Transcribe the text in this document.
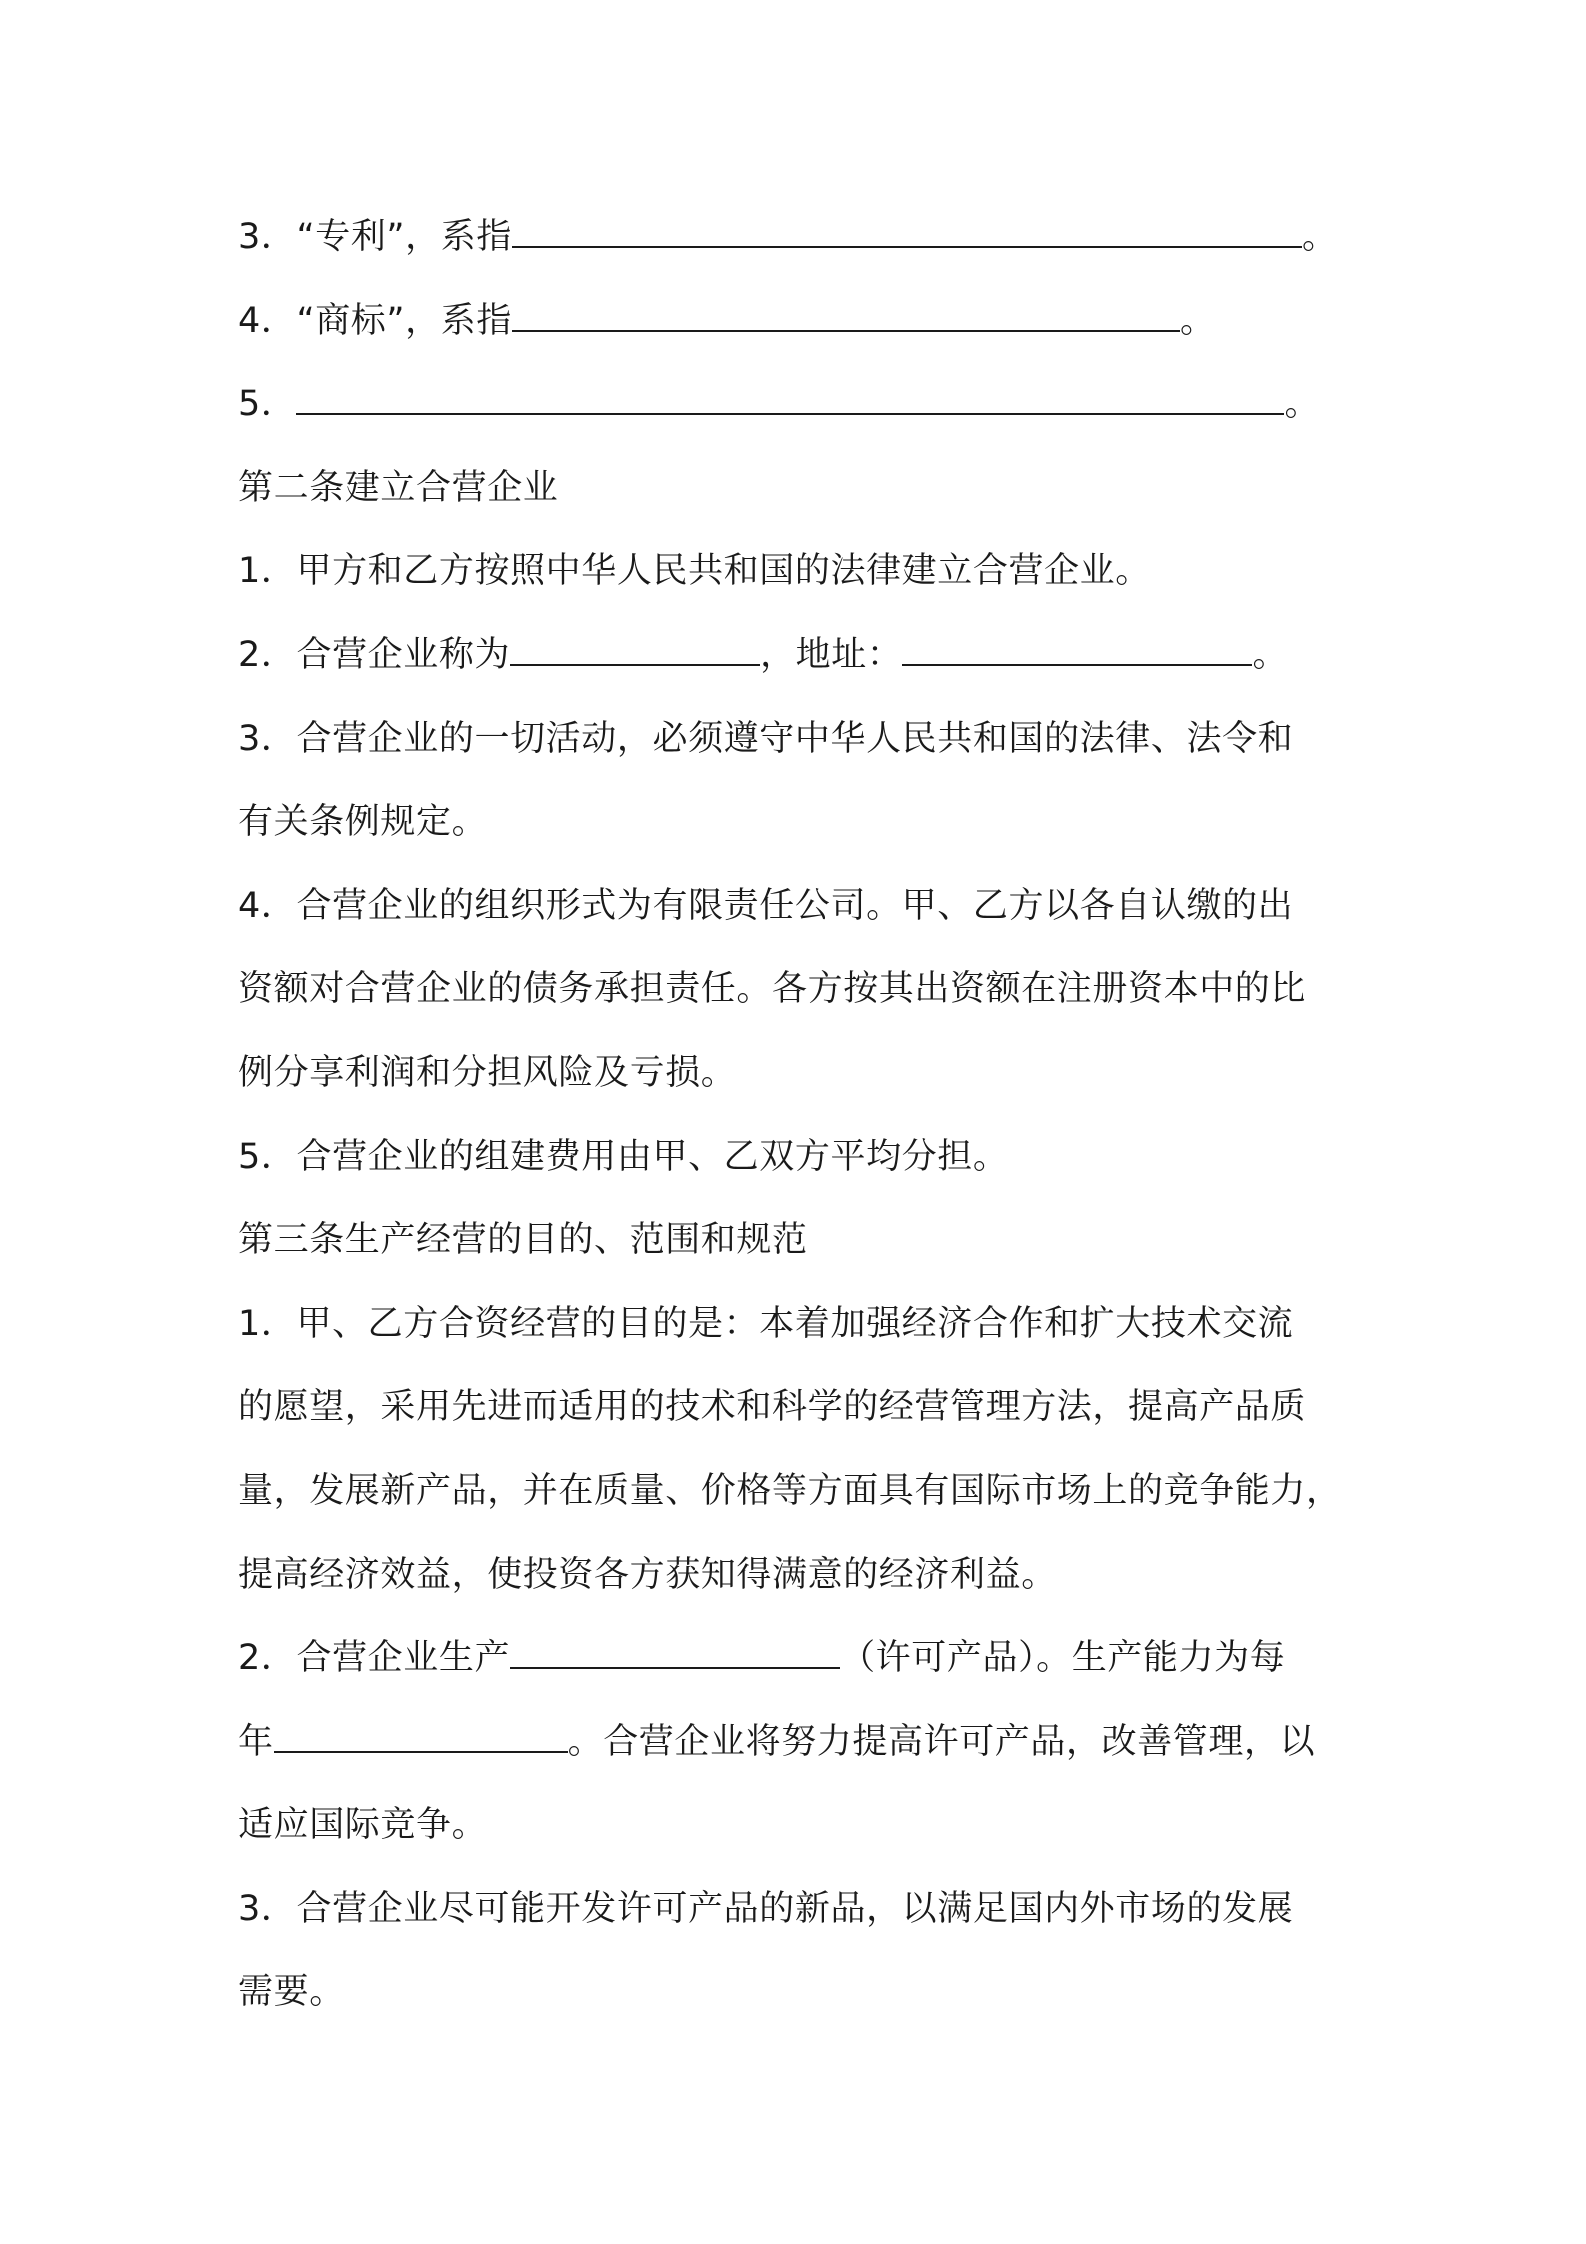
3．“专利”，系指	。

4．“商标”，系指	。

5．	。

第二条建立合营企业

1．甲方和乙方按照中华人民共和国的法律建立合营企业。

2．合营企业称为	，地址：	。

3．合营企业的一切活动，必须遵守中华人民共和国的法律、法令和
有关条例规定。

4．合营企业的组织形式为有限责任公司。甲、乙方以各自认缴的出
资额对合营企业的债务承担责任。各方按其出资额在注册资本中的比
例分享利润和分担风险及亏损。

5．合营企业的组建费用由甲、乙双方平均分担。

第三条生产经营的目的、范围和规范

1．甲、乙方合资经营的目的是：本着加强经济合作和扩大技术交流
的愿望，采用先进而适用的技术和科学的经营管理方法，提高产品质
量，发展新产品，并在质量、价格等方面具有国际市场上的竞争能力，
提高经济效益，使投资各方获知得满意的经济利益。

2．合营企业生产	（许可产品）。生产能力为每
年	。合营企业将努力提高许可产品，改善管理，以
适应国际竞争。

3．合营企业尽可能开发许可产品的新品，以满足国内外市场的发展
需要。
